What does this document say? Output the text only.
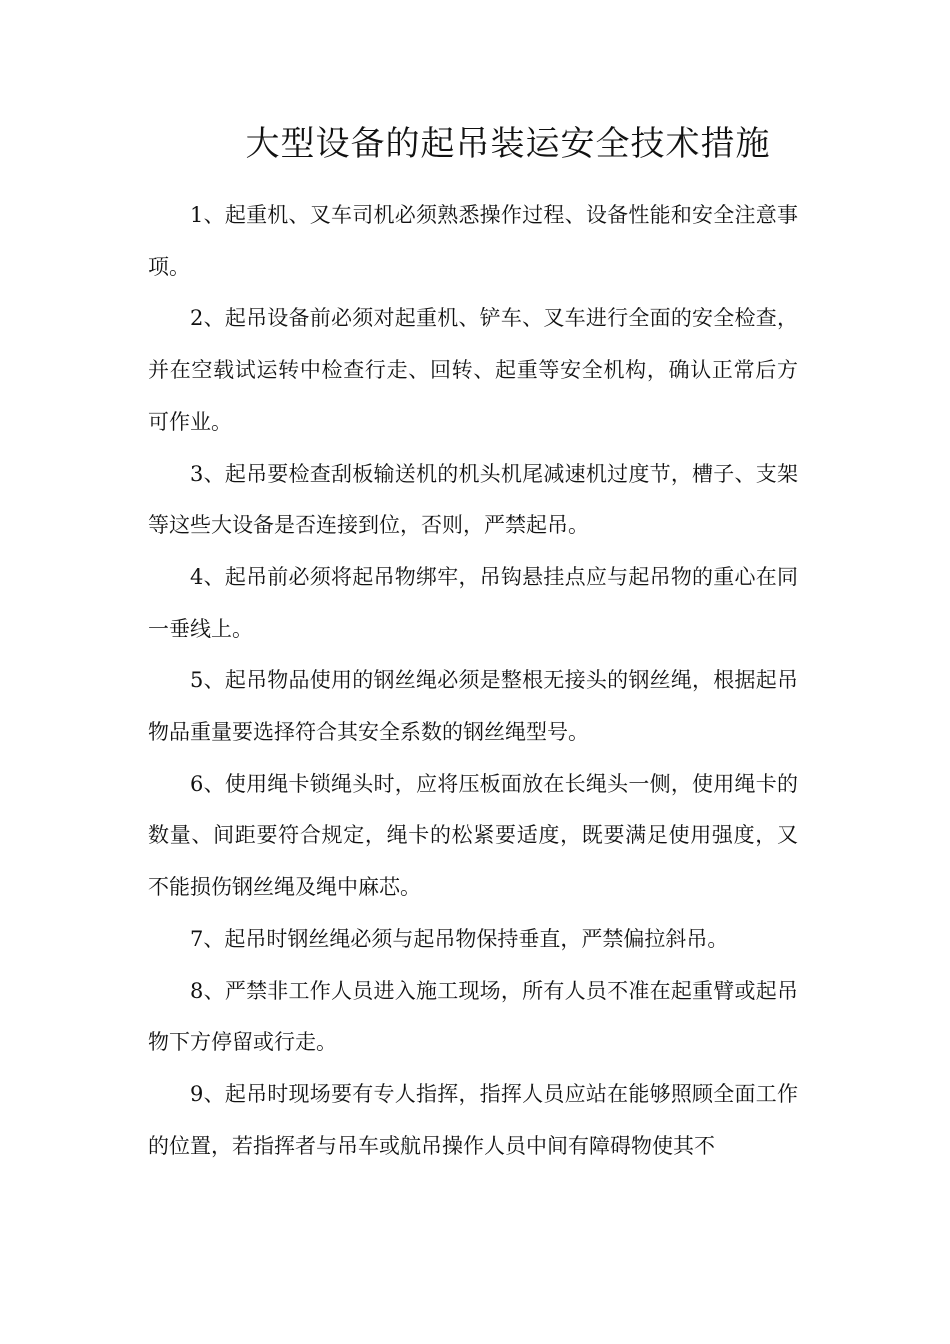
大型设备的起吊装运安全技术措施

1、起重机、叉车司机必须熟悉操作过程、设备性能和安全注意事项。

2、起吊设备前必须对起重机、铲车、叉车进行全面的安全检查，并在空载试运转中检查行走、回转、起重等安全机构，确认正常后方可作业。

3、起吊要检查刮板输送机的机头机尾减速机过度节，槽子、支架等这些大设备是否连接到位，否则，严禁起吊。

4、起吊前必须将起吊物绑牢，吊钩悬挂点应与起吊物的重心在同一垂线上。

5、起吊物品使用的钢丝绳必须是整根无接头的钢丝绳，根据起吊物品重量要选择符合其安全系数的钢丝绳型号。

6、使用绳卡锁绳头时，应将压板面放在长绳头一侧，使用绳卡的数量、间距要符合规定，绳卡的松紧要适度，既要满足使用强度，又不能损伤钢丝绳及绳中麻芯。

7、起吊时钢丝绳必须与起吊物保持垂直，严禁偏拉斜吊。

8、严禁非工作人员进入施工现场，所有人员不准在起重臂或起吊物下方停留或行走。

9、起吊时现场要有专人指挥，指挥人员应站在能够照顾全面工作的位置，若指挥者与吊车或航吊操作人员中间有障碍物使其不
